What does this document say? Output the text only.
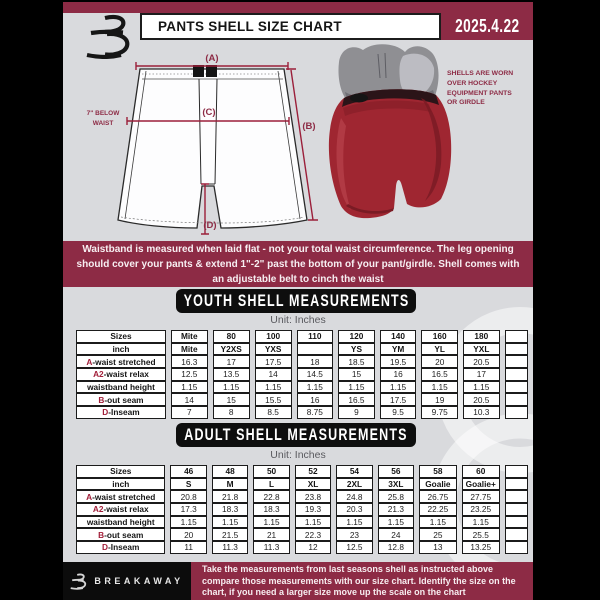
PANTS SHELL SIZE CHART	2025.4.22
(A)
(C)
(B)
(D)
7" BELOW
WAIST
SHELLS ARE WORN
OVER HOCKEY
EQUIPMENT PANTS
OR GIRDLE
Waistband is measured when laid flat - not your total waist circumference. The leg opening should cover your pants & extend 1"-2" past the bottom of your pant/girdle. Shell comes with an adjustable belt to cinch the waist
YOUTH SHELL MEASUREMENTS
Unit: Inches
Sizes	Mite	80	100	110	120	140	160	180	
inch	Mite	Y2XS	YXS		YS	YM	YL	YXL	
A-waist stretched	16.3	17	17.5	18	18.5	19.5	20	20.5	
A2-waist relax	12.5	13.5	14	14.5	15	16	16.5	17	
waistband height	1.15	1.15	1.15	1.15	1.15	1.15	1.15	1.15	
B-out seam	14	15	15.5	16	16.5	17.5	19	20.5	
D-Inseam	7	8	8.5	8.75	9	9.5	9.75	10.3	
ADULT SHELL MEASUREMENTS
Unit: Inches
Sizes	46	48	50	52	54	56	58	60	
inch	S	M	L	XL	2XL	3XL	Goalie	Goalie+	
A-waist stretched	20.8	21.8	22.8	23.8	24.8	25.8	26.75	27.75	
A2-waist relax	17.3	18.3	18.3	19.3	20.3	21.3	22.25	23.25	
waistband height	1.15	1.15	1.15	1.15	1.15	1.15	1.15	1.15	
B-out seam	20	21.5	21	22.3	23	24	25	25.5	
D-Inseam	11	11.3	11.3	12	12.5	12.8	13	13.25	
BREAKAWAY
Take the measurements from last seasons shell as instructed above compare those measurements with our size chart. Identify the size on the chart, if you need a larger size move up the scale on the chart
